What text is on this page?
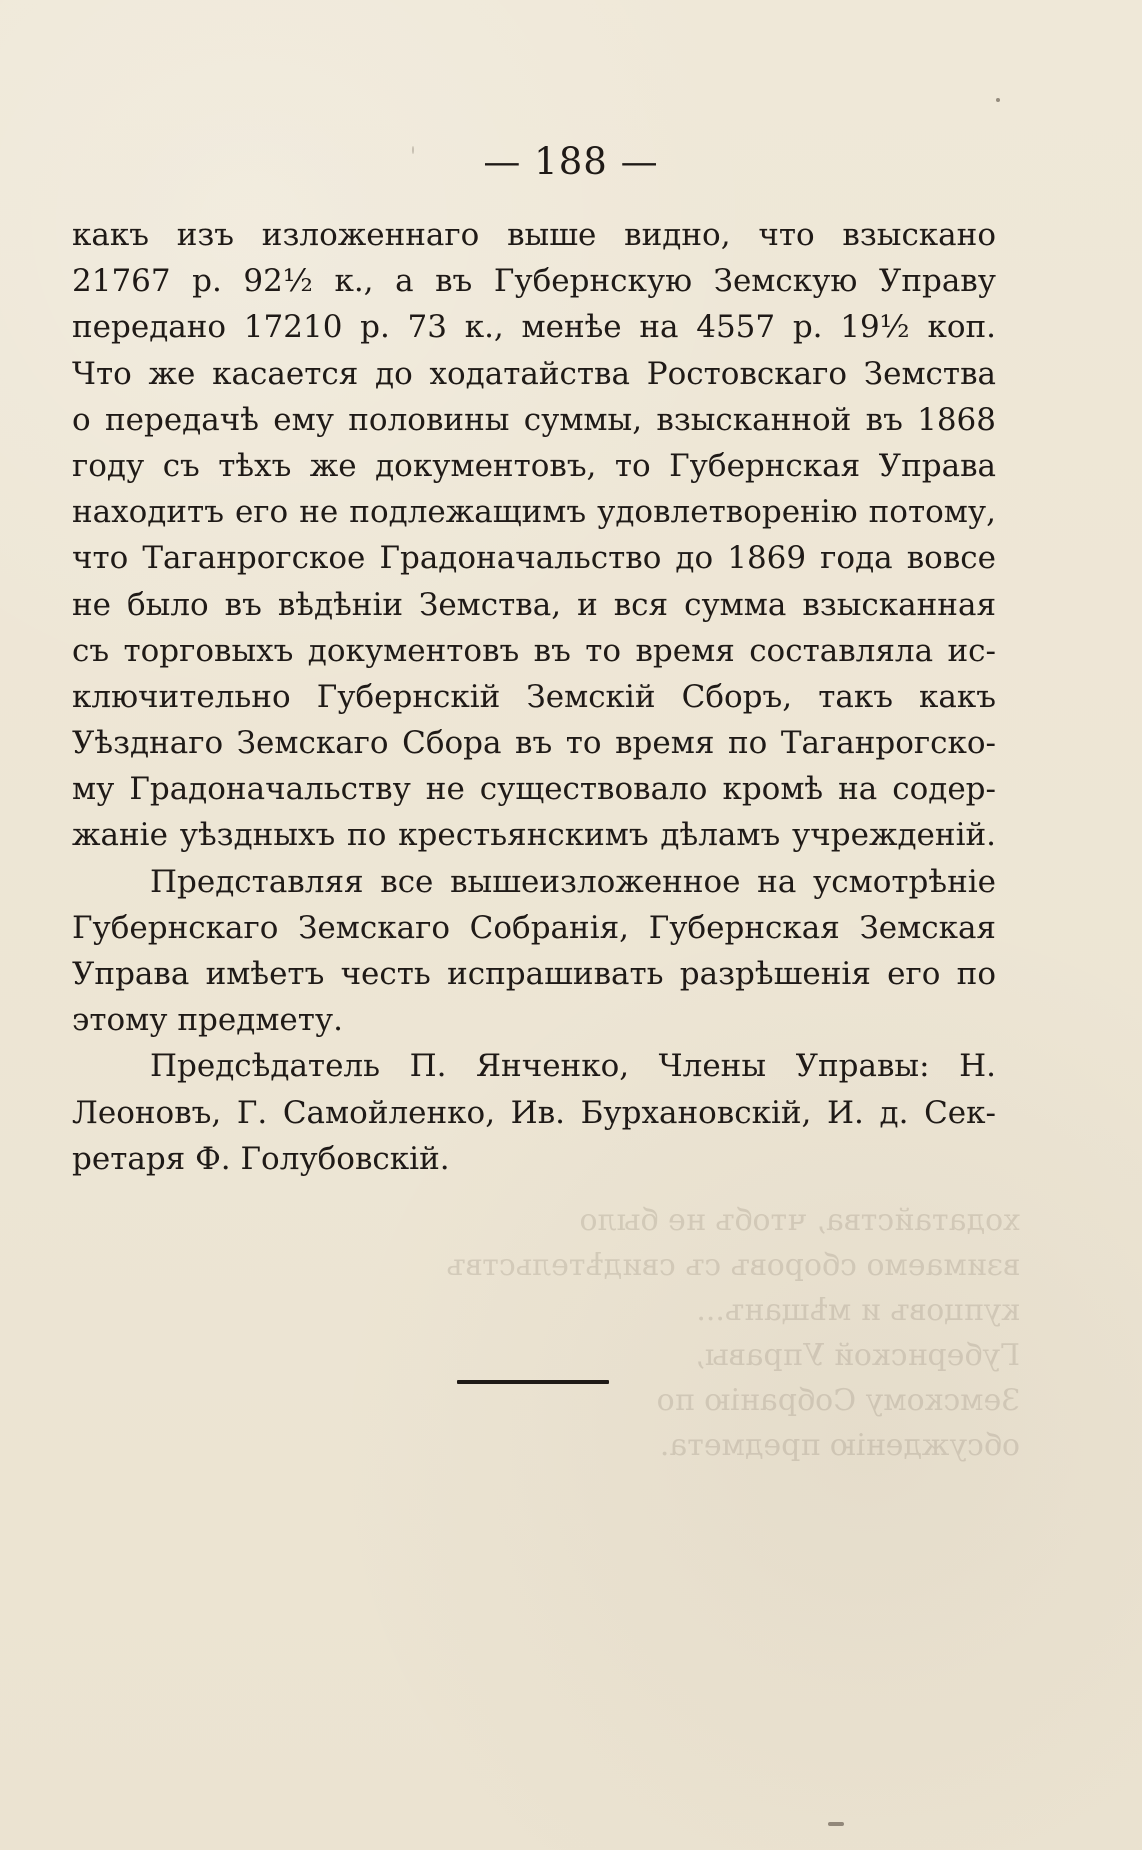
— 188 —
какъ изъ изложеннаго выше видно, что взыскано
21767 р. 92½ к., а въ Губернскую Земскую Управу
передано 17210 р. 73 к., менѣе на 4557 р. 19½ коп.
Что же касается до ходатайства Ростовскаго Земства
о передачѣ ему половины суммы, взысканной въ 1868
году съ тѣхъ же документовъ, то Губернская Управа
находитъ его не подлежащимъ удовлетворенію потому,
что Таганрогское Градоначальство до 1869 года вовсе
не было въ вѣдѣніи Земства, и вся сумма взысканная
съ торговыхъ документовъ въ то время составляла ис-
ключительно Губернскій Земскій Сборъ, такъ какъ
Уѣзднаго Земскаго Сбора въ то время по Таганрогско-
му Градоначальству не существовало кромѣ на содер-
жаніе уѣздныхъ по крестьянскимъ дѣламъ учрежденій.
Представляя все вышеизложенное на усмотрѣніе
Губернскаго Земскаго Собранія, Губернская Земская
Управа имѣетъ честь испрашивать разрѣшенія его по
этому предмету.
Предсѣдатель П. Янченко, Члены Управы: Н.
Леоновъ, Г. Самойленко, Ив. Бурхановскій, И. д. Сек-
ретаря Ф. Голубовскій.
ходатайства, чтобъ не было
взимаемо сборовъ съ свидѣтельствъ
купцовъ и мѣщанъ...
Губернской Управы,
Земскому Собранію по
обсужденію предмета.
